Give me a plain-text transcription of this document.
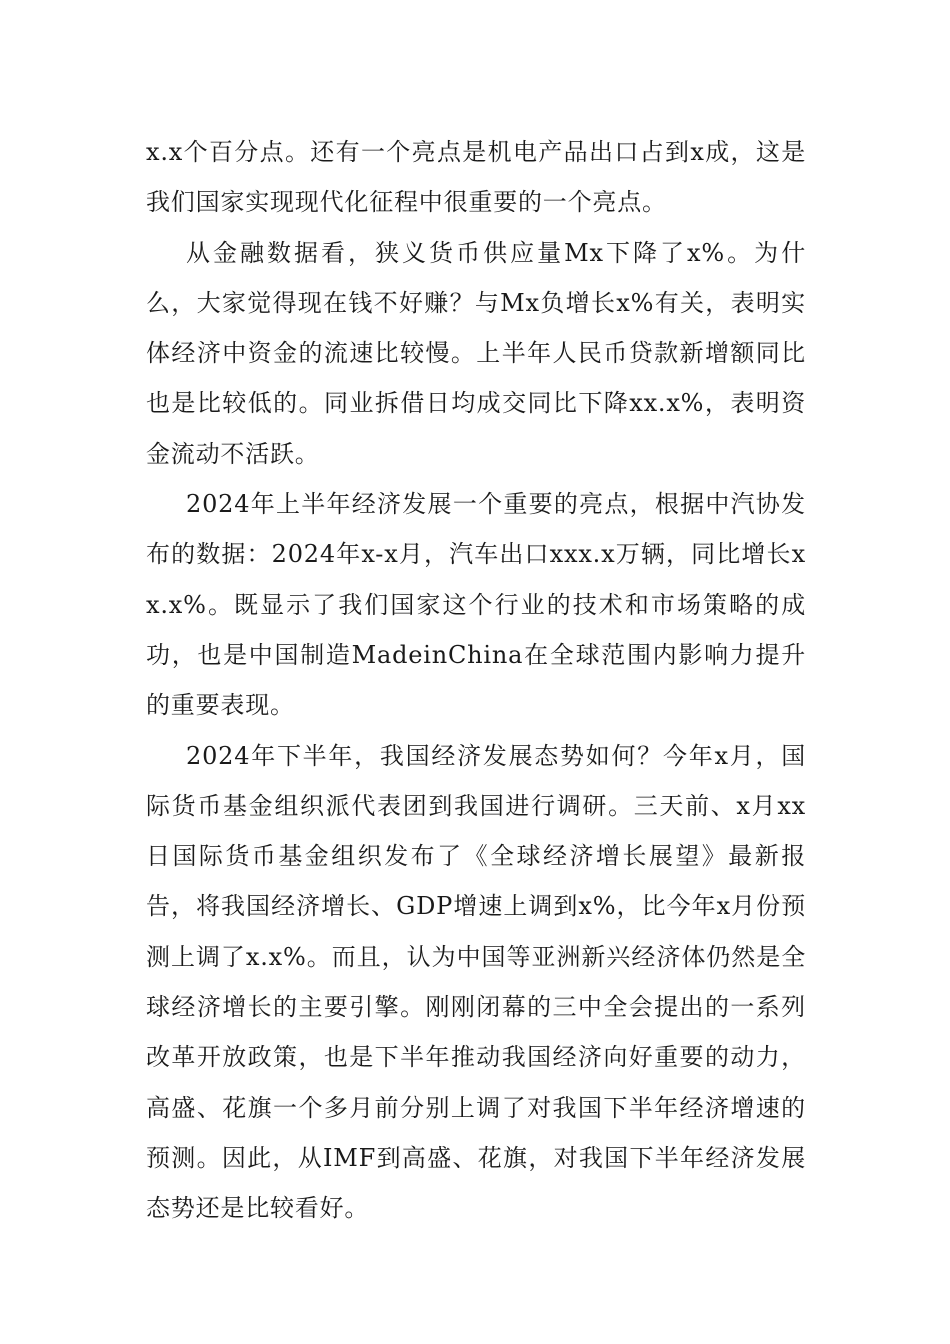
x.x个百分点。还有一个亮点是机电产品出口占到x成，这是我们国家实现现代化征程中很重要的一个亮点。

从金融数据看，狭义货币供应量Mx下降了x%。为什么，大家觉得现在钱不好赚？与Mx负增长x%有关，表明实体经济中资金的流速比较慢。上半年人民币贷款新增额同比也是比较低的。同业拆借日均成交同比下降xx.x%，表明资金流动不活跃。

2024年上半年经济发展一个重要的亮点，根据中汽协发布的数据：2024年x-x月，汽车出口xxx.x万辆，同比增长xx.x%。既显示了我们国家这个行业的技术和市场策略的成功，也是中国制造MadeinChina在全球范围内影响力提升的重要表现。

2024年下半年，我国经济发展态势如何？今年x月，国际货币基金组织派代表团到我国进行调研。三天前、x月xx日国际货币基金组织发布了《全球经济增长展望》最新报告，将我国经济增长、GDP增速上调到x%，比今年x月份预测上调了x.x%。而且，认为中国等亚洲新兴经济体仍然是全球经济增长的主要引擎。刚刚闭幕的三中全会提出的一系列改革开放政策，也是下半年推动我国经济向好重要的动力，高盛、花旗一个多月前分别上调了对我国下半年经济增速的预测。因此，从IMF到高盛、花旗，对我国下半年经济发展态势还是比较看好。
